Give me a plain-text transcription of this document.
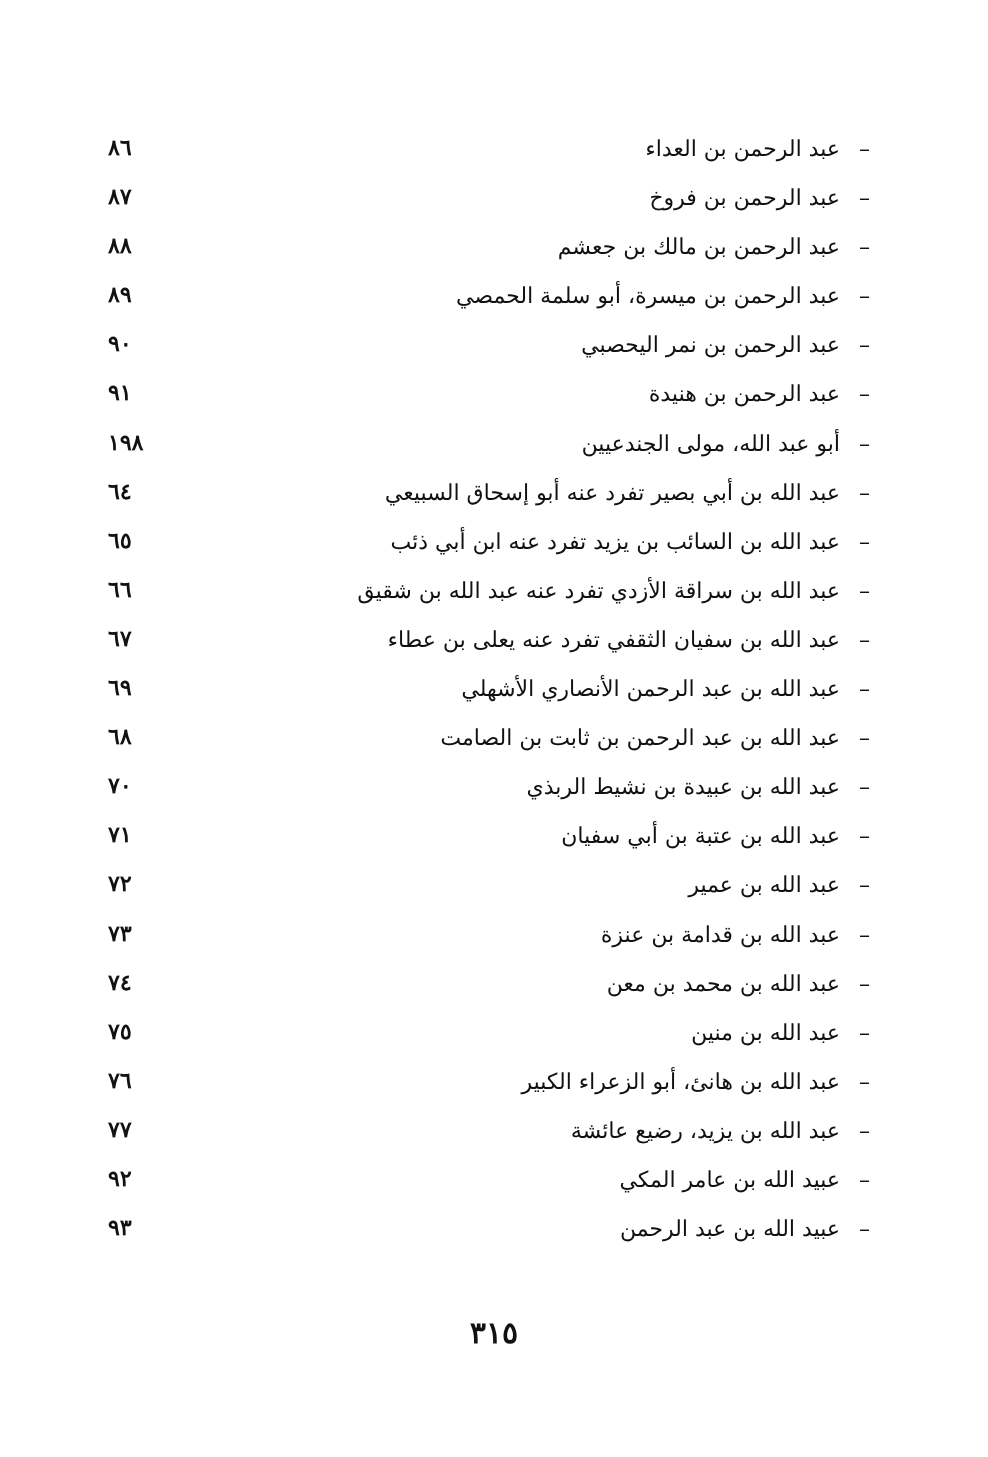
–
عبد الرحمن بن العداء
٨٦
–
عبد الرحمن بن فروخ
٨٧
–
عبد الرحمن بن مالك بن جعشم
٨٨
–
عبد الرحمن بن ميسرة، أبو سلمة الحمصي
٨٩
–
عبد الرحمن بن نمر اليحصبي
٩٠
–
عبد الرحمن بن هنيدة
٩١
–
أبو عبد الله، مولى الجندعيين
١٩٨
–
عبد الله بن أبي بصير تفرد عنه أبو إسحاق السبيعي
٦٤
–
عبد الله بن السائب بن يزيد تفرد عنه ابن أبي ذئب
٦٥
–
عبد الله بن سراقة الأزدي تفرد عنه عبد الله بن شقيق
٦٦
–
عبد الله بن سفيان الثقفي تفرد عنه يعلى بن عطاء
٦٧
–
عبد الله بن عبد الرحمن الأنصاري الأشهلي
٦٩
–
عبد الله بن عبد الرحمن بن ثابت بن الصامت
٦٨
–
عبد الله بن عبيدة بن نشيط الربذي
٧٠
–
عبد الله بن عتبة بن أبي سفيان
٧١
–
عبد الله بن عمير
٧٢
–
عبد الله بن قدامة بن عنزة
٧٣
–
عبد الله بن محمد بن معن
٧٤
–
عبد الله بن منين
٧٥
–
عبد الله بن هانئ، أبو الزعراء الكبير
٧٦
–
عبد الله بن يزيد، رضيع عائشة
٧٧
–
عبيد الله بن عامر المكي
٩٢
–
عبيد الله بن عبد الرحمن
٩٣
٣١٥
